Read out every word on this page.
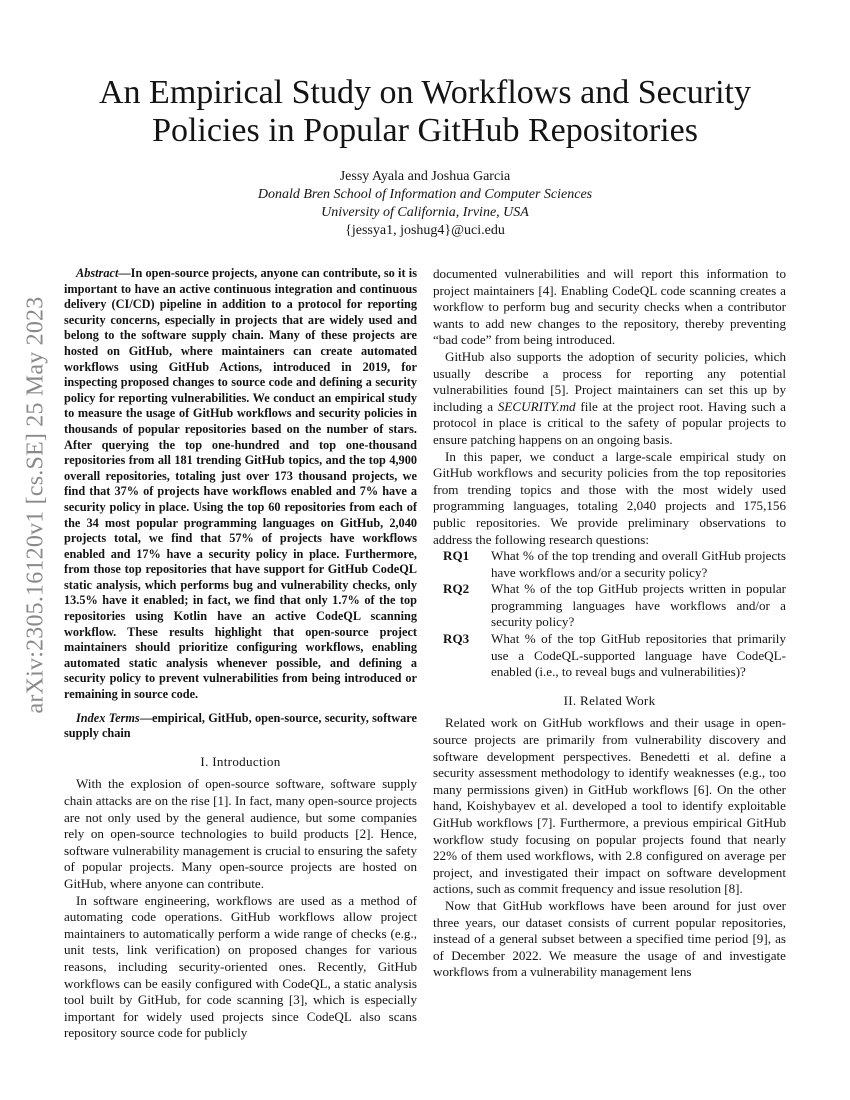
arXiv:2305.16120v1 [cs.SE] 25 May 2023
An Empirical Study on Workflows and Security
Policies in Popular GitHub Repositories
Jessy Ayala and Joshua Garcia
Donald Bren School of Information and Computer Sciences
University of California, Irvine, USA
{jessya1, joshug4}@uci.edu

Abstract—In open-source projects, anyone can contribute, so it is important to have an active continuous integration and continuous delivery (CI/CD) pipeline in addition to a protocol for reporting security concerns, especially in projects that are widely used and belong to the software supply chain. Many of these projects are hosted on GitHub, where maintainers can create automated workflows using GitHub Actions, introduced in 2019, for inspecting proposed changes to source code and defining a security policy for reporting vulnerabilities. We conduct an empirical study to measure the usage of GitHub workflows and security policies in thousands of popular repositories based on the number of stars. After querying the top one-hundred and top one-thousand repositories from all 181 trending GitHub topics, and the top 4,900 overall repositories, totaling just over 173 thousand projects, we find that 37% of projects have workflows enabled and 7% have a security policy in place. Using the top 60 repositories from each of the 34 most popular programming languages on GitHub, 2,040 projects total, we find that 57% of projects have workflows enabled and 17% have a security policy in place. Furthermore, from those top repositories that have support for GitHub CodeQL static analysis, which performs bug and vulnerability checks, only 13.5% have it enabled; in fact, we find that only 1.7% of the top repositories using Kotlin have an active CodeQL scanning workflow. These results highlight that open-source project maintainers should prioritize configuring workflows, enabling automated static analysis whenever possible, and defining a security policy to prevent vulnerabilities from being introduced or remaining in source code.

Index Terms—empirical, GitHub, open-source, security, software supply chain

I. Introduction

With the explosion of open-source software, software supply chain attacks are on the rise [1]. In fact, many open-source projects are not only used by the general audience, but some companies rely on open-source technologies to build products [2]. Hence, software vulnerability management is crucial to ensuring the safety of popular projects. Many open-source projects are hosted on GitHub, where anyone can contribute.

In software engineering, workflows are used as a method of automating code operations. GitHub workflows allow project maintainers to automatically perform a wide range of checks (e.g., unit tests, link verification) on proposed changes for various reasons, including security-oriented ones. Recently, GitHub workflows can be easily configured with CodeQL, a static analysis tool built by GitHub, for code scanning [3], which is especially important for widely used projects since CodeQL also scans repository source code for publicly

documented vulnerabilities and will report this information to project maintainers [4]. Enabling CodeQL code scanning creates a workflow to perform bug and security checks when a contributor wants to add new changes to the repository, thereby preventing “bad code” from being introduced.

GitHub also supports the adoption of security policies, which usually describe a process for reporting any potential vulnerabilities found [5]. Project maintainers can set this up by including a SECURITY.md file at the project root. Having such a protocol in place is critical to the safety of popular projects to ensure patching happens on an ongoing basis.

In this paper, we conduct a large-scale empirical study on GitHub workflows and security policies from the top repositories from trending topics and those with the most widely used programming languages, totaling 2,040 projects and 175,156 public repositories. We provide preliminary observations to address the following research questions:

RQ1	What % of the top trending and overall GitHub projects have workflows and/or a security policy?
RQ2	What % of the top GitHub projects written in popular programming languages have workflows and/or a security policy?
RQ3	What % of the top GitHub repositories that primarily use a CodeQL-supported language have CodeQL-enabled (i.e., to reveal bugs and vulnerabilities)?
II. Related Work

Related work on GitHub workflows and their usage in open-source projects are primarily from vulnerability discovery and software development perspectives. Benedetti et al. define a security assessment methodology to identify weaknesses (e.g., too many permissions given) in GitHub workflows [6]. On the other hand, Koishybayev et al. developed a tool to identify exploitable GitHub workflows [7]. Furthermore, a previous empirical GitHub workflow study focusing on popular projects found that nearly 22% of them used workflows, with 2.8 configured on average per project, and investigated their impact on software development actions, such as commit frequency and issue resolution [8].

Now that GitHub workflows have been around for just over three years, our dataset consists of current popular repositories, instead of a general subset between a specified time period [9], as of December 2022. We measure the usage of and investigate workflows from a vulnerability management lens
